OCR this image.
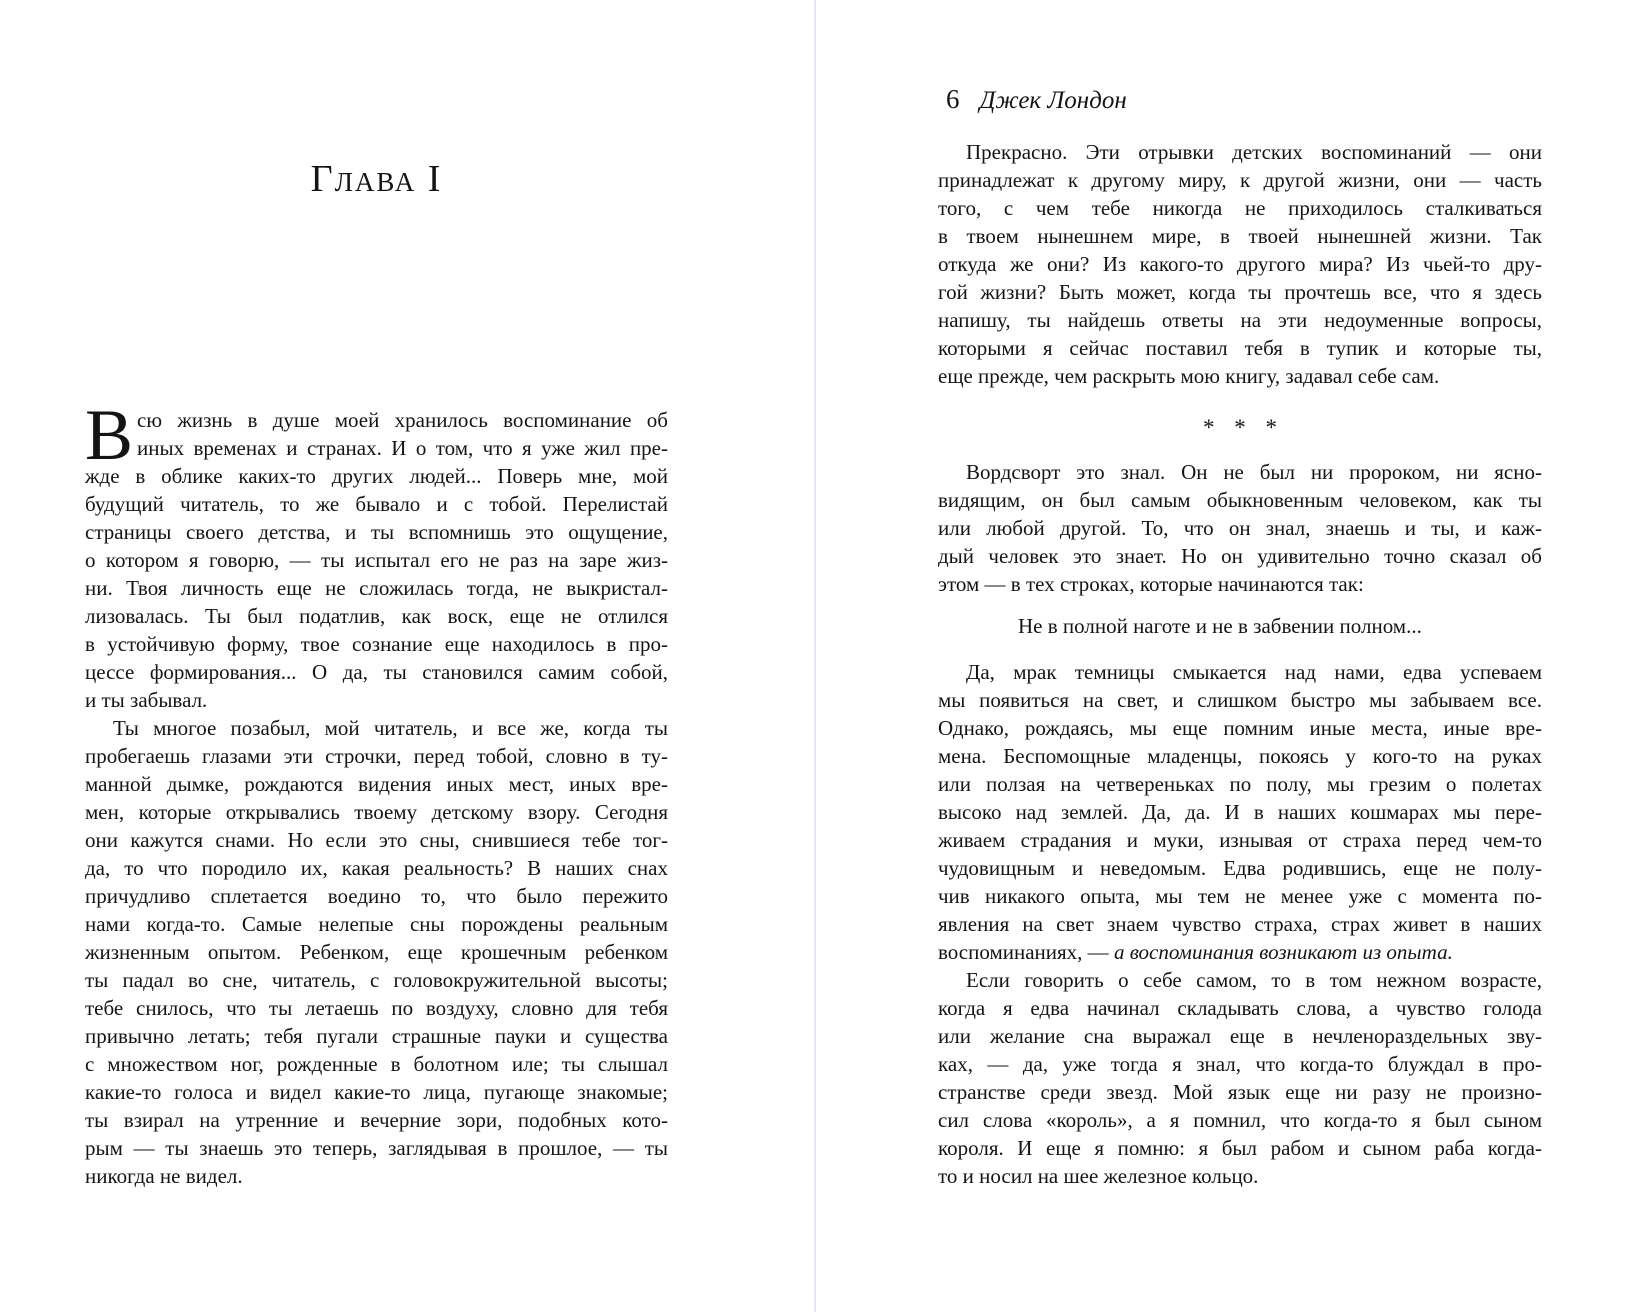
Глава I
В сю жизнь в душе моей хранилось воспоминание об
иных временах и странах. И о том, что я уже жил пре-
жде в облике каких-то других людей... Поверь мне, мой
будущий читатель, то же бывало и с тобой. Перелистай
страницы своего детства, и ты вспомнишь это ощущение,
о котором я говорю, — ты испытал его не раз на заре жиз-
ни. Твоя личность еще не сложилась тогда, не выкристал-
лизовалась. Ты был податлив, как воск, еще не отлился
в устойчивую форму, твое сознание еще находилось в про-
цессе формирования... О да, ты становился самим собой,
и ты забывал.
Ты многое позабыл, мой читатель, и все же, когда ты
пробегаешь глазами эти строчки, перед тобой, словно в ту-
манной дымке, рождаются видения иных мест, иных вре-
мен, которые открывались твоему детскому взору. Сегодня
они кажутся снами. Но если это сны, снившиеся тебе тог-
да, то что породило их, какая реальность? В наших снах
причудливо сплетается воедино то, что было пережито
нами когда-то. Самые нелепые сны порождены реальным
жизненным опытом. Ребенком, еще крошечным ребенком
ты падал во сне, читатель, с головокружительной высоты;
тебе снилось, что ты летаешь по воздуху, словно для тебя
привычно летать; тебя пугали страшные пауки и существа
с множеством ног, рожденные в болотном иле; ты слышал
какие-то голоса и видел какие-то лица, пугающе знакомые;
ты взирал на утренние и вечерние зори, подобных кото-
рым — ты знаешь это теперь, заглядывая в прошлое, — ты
никогда не видел.
6 Джек Лондон
Прекрасно. Эти отрывки детских воспоминаний — они
принадлежат к другому миру, к другой жизни, они — часть
того, с чем тебе никогда не приходилось сталкиваться
в твоем нынешнем мире, в твоей нынешней жизни. Так
откуда же они? Из какого-то другого мира? Из чьей-то дру-
гой жизни? Быть может, когда ты прочтешь все, что я здесь
напишу, ты найдешь ответы на эти недоуменные вопросы,
которыми я сейчас поставил тебя в тупик и которые ты,
еще прежде, чем раскрыть мою книгу, задавал себе сам.
* * *
Вордсворт это знал. Он не был ни пророком, ни ясно-
видящим, он был самым обыкновенным человеком, как ты
или любой другой. То, что он знал, знаешь и ты, и каж-
дый человек это знает. Но он удивительно точно сказал об
этом — в тех строках, которые начинаются так:
Не в полной наготе и не в забвении полном...
Да, мрак темницы смыкается над нами, едва успеваем
мы появиться на свет, и слишком быстро мы забываем все.
Однако, рождаясь, мы еще помним иные места, иные вре-
мена. Беспомощные младенцы, покоясь у кого-то на руках
или ползая на четвереньках по полу, мы грезим о полетах
высоко над землей. Да, да. И в наших кошмарах мы пере-
живаем страдания и муки, изнывая от страха перед чем-то
чудовищным и неведомым. Едва родившись, еще не полу-
чив никакого опыта, мы тем не менее уже с момента по-
явления на свет знаем чувство страха, страх живет в наших
воспоминаниях, — а воспоминания возникают из опыта.
Если говорить о себе самом, то в том нежном возрасте,
когда я едва начинал складывать слова, а чувство голода
или желание сна выражал еще в нечленораздельных зву-
ках, — да, уже тогда я знал, что когда-то блуждал в про-
странстве среди звезд. Мой язык еще ни разу не произно-
сил слова «король», а я помнил, что когда-то я был сыном
короля. И еще я помню: я был рабом и сыном раба когда-
то и носил на шее железное кольцо.
